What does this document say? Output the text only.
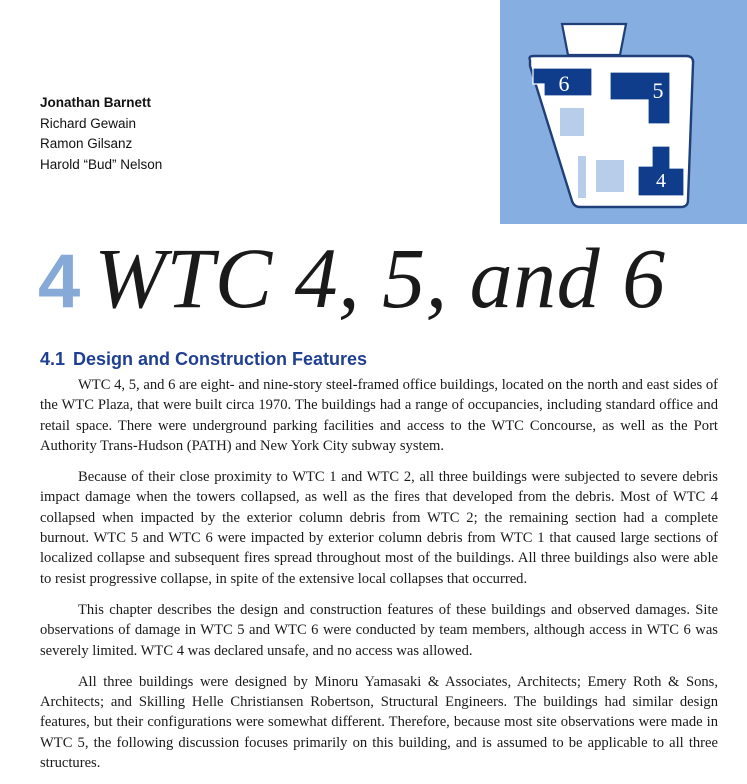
Jonathan Barnett
Richard Gewain
Ramon Gilsanz
Harold “Bud” Nelson
6	5
4
4 WTC 4, 5, and 6
4.1 Design and Construction Features

WTC 4, 5, and 6 are eight- and nine-story steel-framed office buildings, located on the north and east sides of the WTC Plaza, that were built circa 1970. The buildings had a range of occupancies, including standard office and retail space. There were underground parking facilities and access to the WTC Concourse, as well as the Port Authority Trans-Hudson (PATH) and New York City subway system.

Because of their close proximity to WTC 1 and WTC 2, all three buildings were subjected to severe debris impact damage when the towers collapsed, as well as the fires that developed from the debris. Most of WTC 4 collapsed when impacted by the exterior column debris from WTC 2; the remaining section had a complete burnout. WTC 5 and WTC 6 were impacted by exterior column debris from WTC 1 that caused large sections of localized collapse and subsequent fires spread throughout most of the buildings. All three buildings also were able to resist progressive collapse, in spite of the extensive local collapses that occurred.

This chapter describes the design and construction features of these buildings and observed damages. Site observations of damage in WTC 5 and WTC 6 were conducted by team members, although access in WTC 6 was severely limited. WTC 4 was declared unsafe, and no access was allowed.

All three buildings were designed by Minoru Yamasaki & Associates, Architects; Emery Roth & Sons, Architects; and Skilling Helle Christiansen Robertson, Structural Engineers. The buildings had similar design features, but their configurations were somewhat different. Therefore, because most site observations were made in WTC 5, the following discussion focuses primarily on this building, and is assumed to be applicable to all three structures.
